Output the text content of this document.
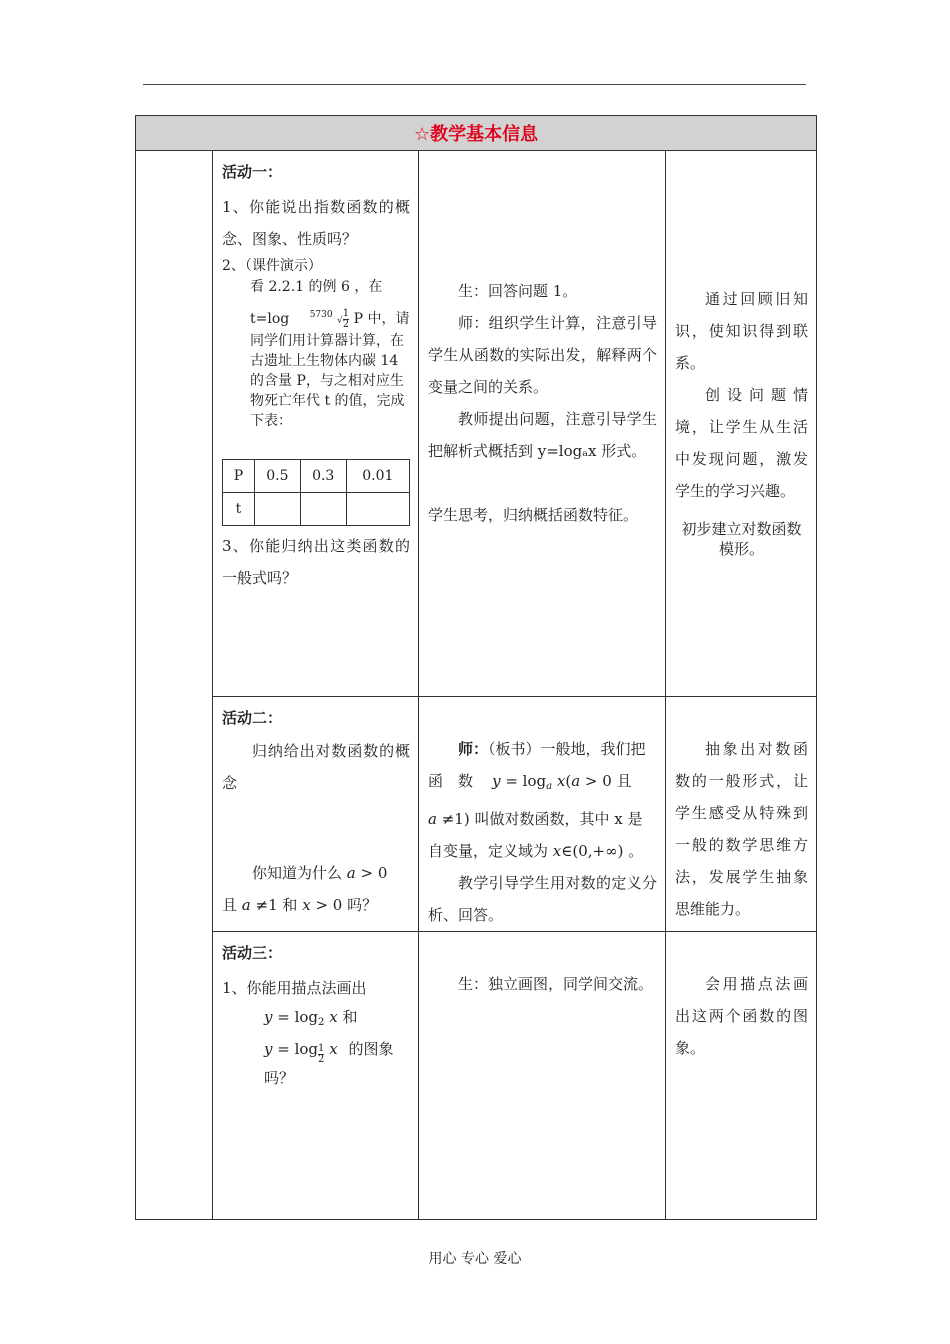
☆教学基本信息

活动一：
1、你能说出指数函数的概念、图象、性质吗？
2、（课件演示）
看 2.2.1 的例 6 ，在
t=log $^{5730}$ √ $\frac{1}{2}$ P 中，请
同学们用计算器计算，在古遗址上生物体内碳 14 的含量 P，与之相对应生物死亡年代 t 的值，完成下表：
P	0.5	0.3	0.01
t			
3、你能归纳出这类函数的一般式吗？

生：回答问题 1。
师：组织学生计算，注意引导学生从函数的实际出发，解释两个变量之间的关系。
教师提出问题，注意引导学生把解析式概括到 y=logₐx 形式。
学生思考，归纳概括函数特征。

通过回顾旧知识，使知识得到联系。
创设问题情境，让学生从生活中发现问题，激发学生的学习兴趣。
初步建立对数函数模形。

活动二：
归纳给出对数函数的概念
你知道为什么 a > 0
且 a ≠1 和 x > 0 吗？

师：（板书）一般地，我们把
函　数 $y = \log_a x(a > 0$ 且
a ≠1) 叫做对数函数，其中 x 是自变量，定义域为 x∈(0,+∞) 。
教学引导学生用对数的定义分析、回答。

抽象出对数函数的一般形式，让学生感受从特殊到一般的数学思维方法，发展学生抽象思维能力。

活动三：
1、你能用描点法画出
$y = \log_2 x$ 和
$y = \log \frac{1}{2}$ x 的图象吗？

生：独立画图，同学间交流。	会用描点法画出这两个函数的图象。
用心 专心 爱心
